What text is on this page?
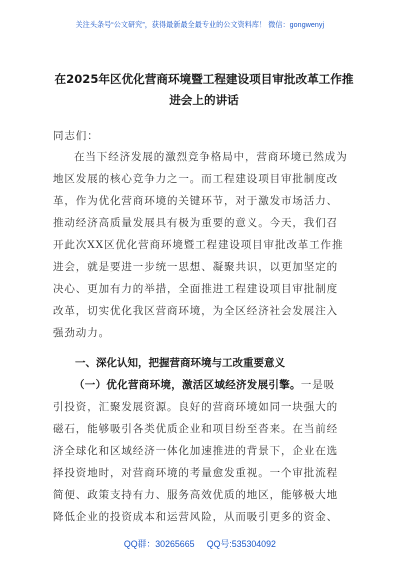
关注头条号“公文研究”，获得最新最全最专业的公文资料库！ 微信：gongwenyj
在2025年区优化营商环境暨工程建设项目审批改革工作推
进会上的讲话
同志们：
在当下经济发展的激烈竞争格局中，营商环境已然成为
地区发展的核心竞争力之一。而工程建设项目审批制度改
革，作为优化营商环境的关键环节，对于激发市场活力、
推动经济高质量发展具有极为重要的意义。今天，我们召
开此次XX区优化营商环境暨工程建设项目审批改革工作推
进会，就是要进一步统一思想、凝聚共识，以更加坚定的
决心、更加有力的举措，全面推进工程建设项目审批制度
改革，切实优化我区营商环境，为全区经济社会发展注入
强劲动力。
一、深化认知，把握营商环境与工改重要意义
（一）优化营商环境，激活区域经济发展引擎。一是吸
引投资，汇聚发展资源。良好的营商环境如同一块强大的
磁石，能够吸引各类优质企业和项目纷至沓来。在当前经
济全球化和区域经济一体化加速推进的背景下，企业在选
择投资地时，对营商环境的考量愈发重视。一个审批流程
简便、政策支持有力、服务高效优质的地区，能够极大地
降低企业的投资成本和运营风险，从而吸引更多的资金、
QQ群：30265665 QQ号:535304092
